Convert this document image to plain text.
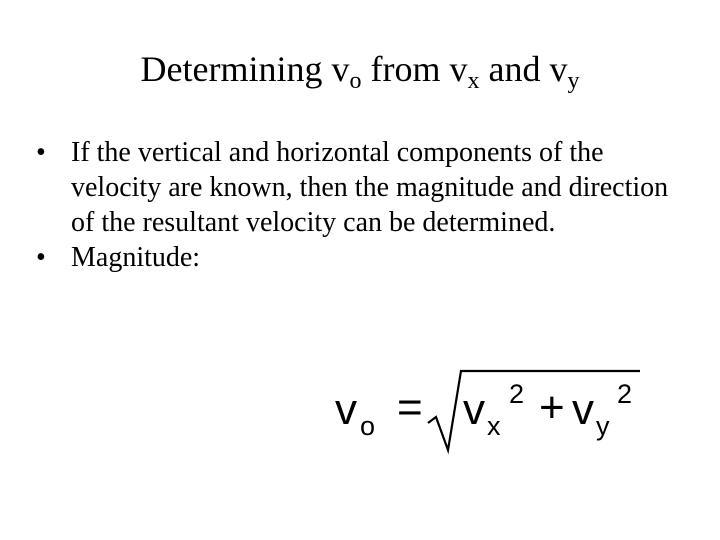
Determining $v_o$ from $v_x$ and $v_y$
• If the vertical and horizontal components of the velocity are known, then the magnitude and direction of the resultant velocity can be determined.
• Magnitude:
v o = v x
2 + v y
2
